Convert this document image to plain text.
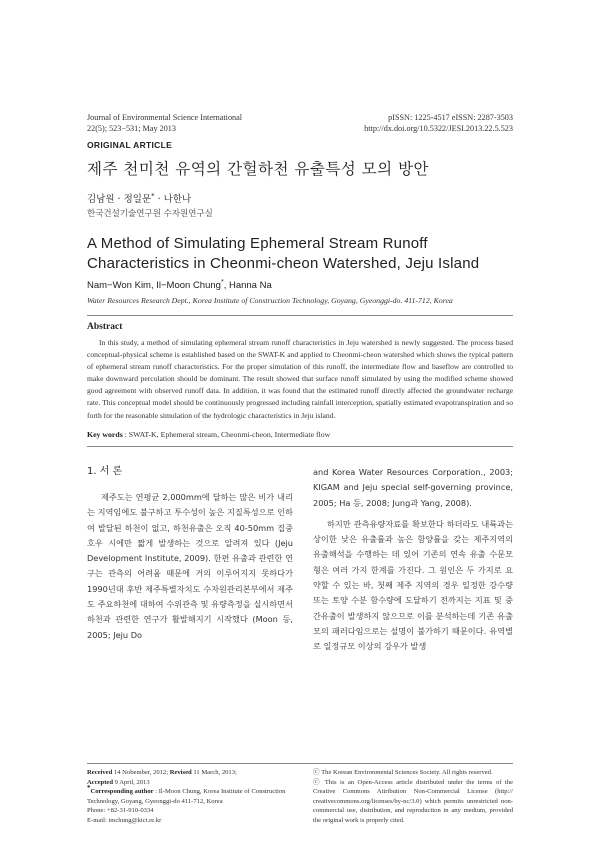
Journal of Environmental Science International
22(5); 523−531; May 2013
pISSN: 1225-4517 eISSN: 2287-3503
http://dx.doi.org/10.5322/JESI.2013.22.5.523
ORIGINAL ARTICLE
제주 천미천 유역의 간헐하천 유출특성 모의 방안
김남원 · 정일문* · 나한나
한국건설기술연구원 수자원연구실
A Method of Simulating Ephemeral Stream Runoff Characteristics in Cheonmi-cheon Watershed, Jeju Island
Nam−Won Kim, Il−Moon Chung*, Hanna Na
Water Resources Research Dept., Korea Institute of Construction Technology, Goyang, Gyeonggi-do. 411-712, Korea
Abstract
In this study, a method of simulating ephemeral stream runoff characteristics in Jeju watershed is newly suggested. The process based conceptual-physical scheme is established based on the SWAT-K and applied to Cheonmi-cheon watershed which shows the typical pattern of ephemeral stream runoff characteristics. For the proper simulation of this runoff, the intermediate flow and baseflow are controlled to make downward percolation should be dominant. The result showed that surface runoff simulated by using the modified scheme showed good agreement with observed runoff data. In addition, it was found that the estimated runoff directly affected the groundwater recharge rate. This conceptual model should be continuously progressed including rainfall interception, spatially estimated evapotranspiration and so forth for the reasonable simulation of the hydrologic characteristics in Jeju island.
Key words : SWAT-K, Ephemeral stream, Cheonmi-cheon, Intermediate flow
1. 서 론

제주도는 연평균 2,000mm에 달하는 많은 비가 내리는 지역임에도 불구하고 투수성이 높은 지질특성으로 인하여 발달된 하천이 없고, 하천유출은 오직 40-50mm 집중호우 시에만 짧게 발생하는 것으로 알려져 있다 (Jeju Development Institute, 2009). 한편 유출과 관련한 연구는 관측의 어려움 때문에 거의 이루어지지 못하다가 1990년대 후반 제주특별자치도 수자원관리본부에서 제주도 주요하천에 대하여 수위관측 및 유량측정을 실시하면서 하천과 관련한 연구가 활발해지기 시작했다 (Moon 등, 2005; Jeju Do

and Korea Water Resources Corporation., 2003; KIGAM and Jeju special self-governing province, 2005; Ha 등, 2008; Jung과 Yang, 2008).

하지만 관측유량자료를 확보한다 하더라도 내륙과는 상이한 낮은 유출률과 높은 함양률을 갖는 제주지역의 유출해석을 수행하는 데 있어 기존의 연속 유출 수문모형은 여러 가지 한계를 가진다. 그 원인은 두 가지로 요약할 수 있는 바, 첫째 제주 지역의 경우 일정한 강수량 또는 토양 수분 함수량에 도달하기 전까지는 지표 및 중간유출이 발생하지 않으므로 이를 분석하는데 기존 유출모의 패러다임으로는 설명이 불가하기 때문이다. 유역별로 일정규모 이상의 강우가 발생

Received 14 Nobember, 2012; Revised 11 March, 2013;
Accepted 9 April, 2013
*Corresponding author : Il-Moon Chung, Korea Institute of Construction Technology, Goyang, Gyeonggi-do 411-712, Korea
Phone: +82-31-910-0334
E-mail: imchung@kict.re.kr
ⓒ The Korean Environmental Sciences Society. All rights reserved.
ⓒ This is an Open-Access article distributed under the terms of the Creative Commons Attribution Non-Commercial License (http:// creativecommons.org/licenses/by-nc/3.0) which permits unrestricted non-commercial use, distribution, and reproduction in any medium, provided the original work is properly cited.
